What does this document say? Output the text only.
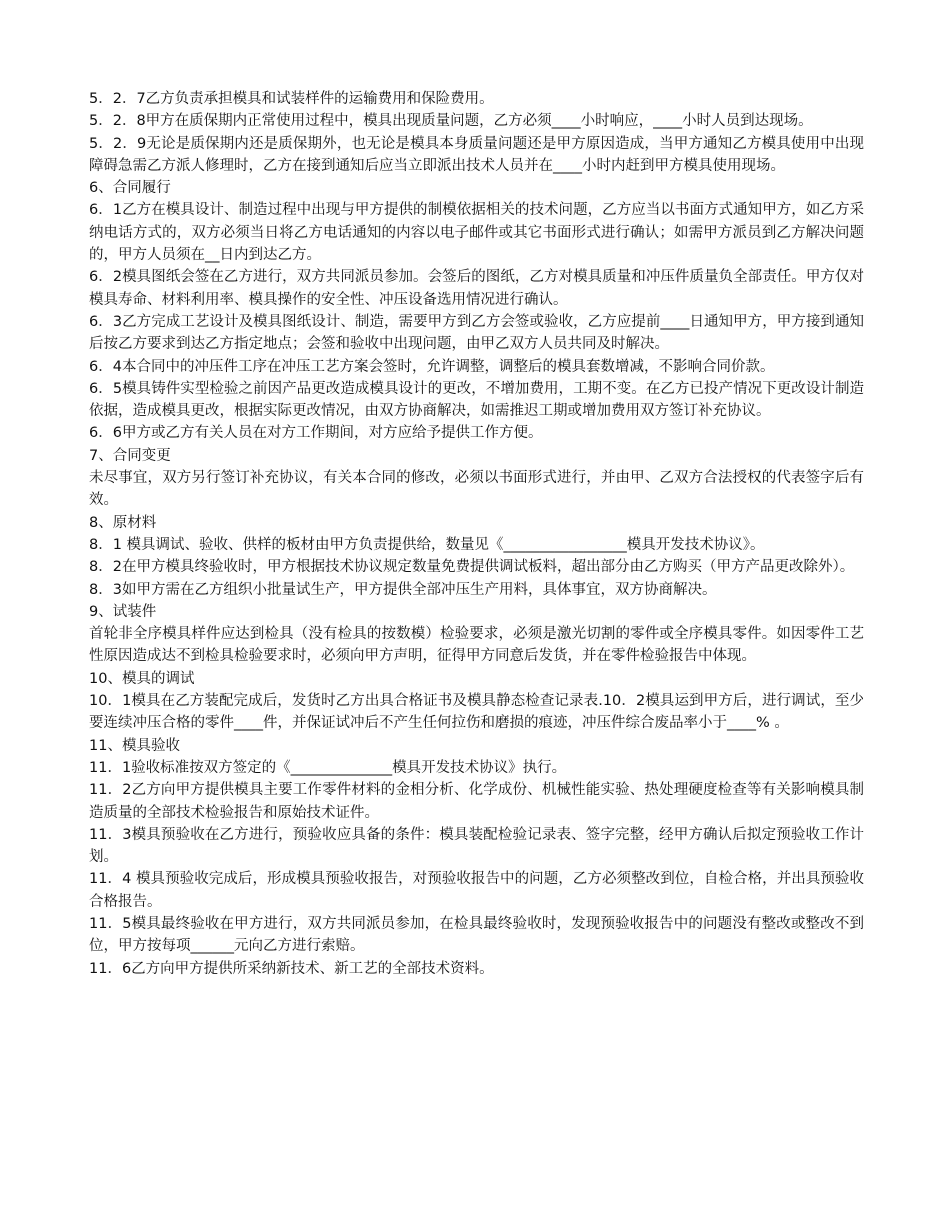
5．2．7乙方负责承担模具和试装样件的运输费用和保险费用。

5．2．8甲方在质保期内正常使用过程中，模具出现质量问题，乙方必须____小时响应，____小时人员到达现场。

5．2．9无论是质保期内还是质保期外，也无论是模具本身质量问题还是甲方原因造成，当甲方通知乙方模具使用中出现障碍急需乙方派人修理时，乙方在接到通知后应当立即派出技术人员并在____小时内赶到甲方模具使用现场。

6、合同履行

6．1乙方在模具设计、制造过程中出现与甲方提供的制模依据相关的技术问题，乙方应当以书面方式通知甲方，如乙方采纳电话方式的，双方必须当日将乙方电话通知的内容以电子邮件或其它书面形式进行确认；如需甲方派员到乙方解决问题的，甲方人员须在__日内到达乙方。

6．2模具图纸会签在乙方进行，双方共同派员参加。会签后的图纸，乙方对模具质量和冲压件质量负全部责任。甲方仅对模具寿命、材料利用率、模具操作的安全性、冲压设备选用情况进行确认。

6．3乙方完成工艺设计及模具图纸设计、制造，需要甲方到乙方会签或验收，乙方应提前____日通知甲方，甲方接到通知后按乙方要求到达乙方指定地点；会签和验收中出现问题，由甲乙双方人员共同及时解决。

6．4本合同中的冲压件工序在冲压工艺方案会签时，允许调整，调整后的模具套数增减，不影响合同价款。

6．5模具铸件实型检验之前因产品更改造成模具设计的更改，不增加费用，工期不变。在乙方已投产情况下更改设计制造依据，造成模具更改，根据实际更改情况，由双方协商解决，如需推迟工期或增加费用双方签订补充协议。

6．6甲方或乙方有关人员在对方工作期间，对方应给予提供工作方便。

7、合同变更

未尽事宜，双方另行签订补充协议，有关本合同的修改，必须以书面形式进行，并由甲、乙双方合法授权的代表签字后有效。

8、原材料

8．1 模具调试、验收、供样的板材由甲方负责提供给，数量见《_________________模具开发技术协议》。

8．2在甲方模具终验收时，甲方根据技术协议规定数量免费提供调试板料，超出部分由乙方购买（甲方产品更改除外）。

8．3如甲方需在乙方组织小批量试生产，甲方提供全部冲压生产用料，具体事宜，双方协商解决。

9、试装件

首轮非全序模具样件应达到检具（没有检具的按数模）检验要求，必须是激光切割的零件或全序模具零件。如因零件工艺性原因造成达不到检具检验要求时，必须向甲方声明，征得甲方同意后发货，并在零件检验报告中体现。

10、模具的调试

10．1模具在乙方装配完成后，发货时乙方出具合格证书及模具静态检查记录表.10．2模具运到甲方后，进行调试，至少要连续冲压合格的零件____件，并保证试冲后不产生任何拉伤和磨损的痕迹，冲压件综合废品率小于____% 。

11、模具验收

11．1验收标准按双方签定的《______________模具开发技术协议》执行。

11．2乙方向甲方提供模具主要工作零件材料的金相分析、化学成份、机械性能实验、热处理硬度检查等有关影响模具制造质量的全部技术检验报告和原始技术证件。

11．3模具预验收在乙方进行，预验收应具备的条件：模具装配检验记录表、签字完整，经甲方确认后拟定预验收工作计划。

11．4 模具预验收完成后，形成模具预验收报告，对预验收报告中的问题，乙方必须整改到位，自检合格，并出具预验收合格报告。

11．5模具最终验收在甲方进行，双方共同派员参加，在检具最终验收时，发现预验收报告中的问题没有整改或整改不到位，甲方按每项______元向乙方进行索赔。

11．6乙方向甲方提供所采纳新技术、新工艺的全部技术资料。
